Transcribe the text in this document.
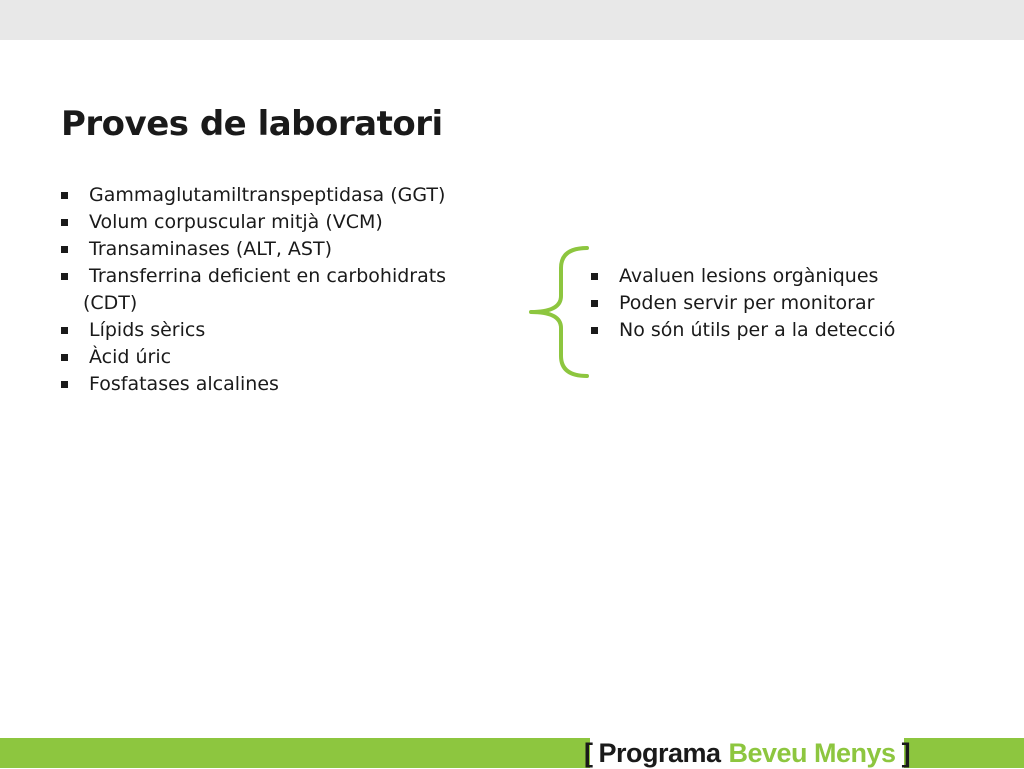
Proves de laboratori
Gammaglutamiltranspeptidasa (GGT)
Volum corpuscular mitjà (VCM)
Transaminases (ALT, AST)
Transferrina deficient en carbohidrats
(CDT)
Lípids sèrics
Àcid úric
Fosfatases alcalines
Avaluen lesions orgàniques
Poden servir per monitorar
No són útils per a la detecció
[ Programa Beveu Menys ]
